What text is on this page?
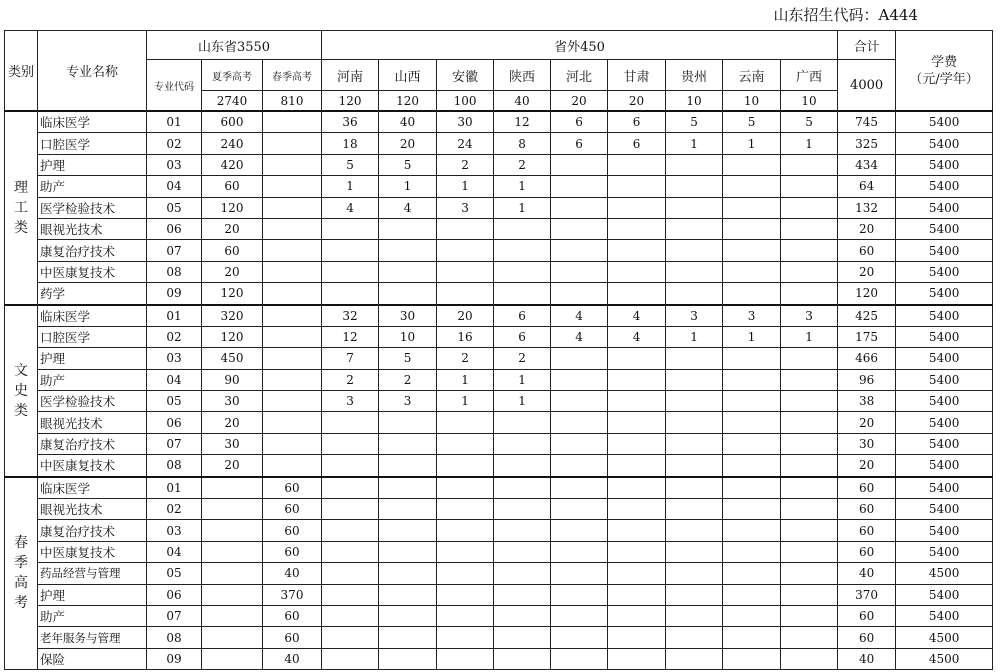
山东招生代码：A444
类别	专业名称	山东省3550			省外450									合计	学费
（元/学年）

		专业代码	夏季高考	春季高考	河南	山西	安徽	陕西	河北	甘肃	贵州	云南	广西	4000	
			2740	810	120	120	100	40	20	20	10	10	10		

理
工
类	临床医学	01	600		36	40	30	12	6	6	5	5	5	745	5400
	口腔医学	02	240		18	20	24	8	6	6	1	1	1	325	5400
	护理	03	420		5	5	2	2						434	5400
	助产	04	60		1	1	1	1						64	5400
	医学检验技术	05	120		4	4	3	1						132	5400
	眼视光技术	06	20											20	5400
	康复治疗技术	07	60											60	5400
	中医康复技术	08	20											20	5400
	药学	09	120											120	5400

文
史
类	临床医学	01	320		32	30	20	6	4	4	3	3	3	425	5400
	口腔医学	02	120		12	10	16	6	4	4	1	1	1	175	5400
	护理	03	450		7	5	2	2						466	5400
	助产	04	90		2	2	1	1						96	5400
	医学检验技术	05	30		3	3	1	1						38	5400
	眼视光技术	06	20											20	5400
	康复治疗技术	07	30											30	5400
	中医康复技术	08	20											20	5400

春
季
高
考	临床医学	01		60										60	5400
	眼视光技术	02		60										60	5400
	康复治疗技术	03		60										60	5400
	中医康复技术	04		60										60	5400
	药品经营与管理	05		40										40	4500
	护理	06		370										370	5400
	助产	07		60										60	5400
	老年服务与管理	08		60										60	4500
	保险	09		40										40	4500
